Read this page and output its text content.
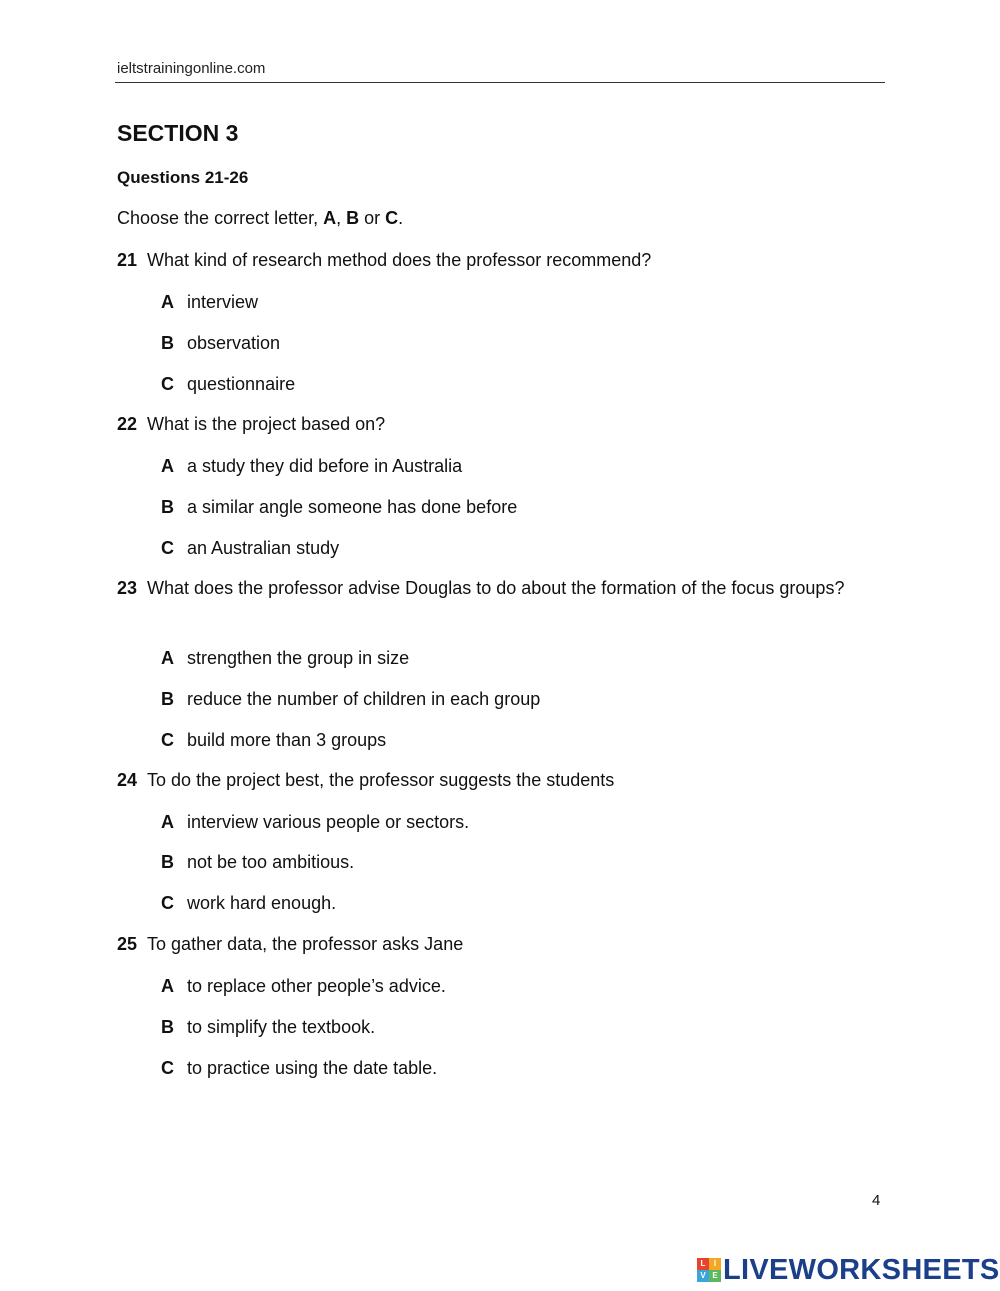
ieltstrainingonline.com
SECTION 3
Questions 21-26
Choose the correct letter, A, B or C.
21 What kind of research method does the professor recommend?
A interview
B observation
C questionnaire
22 What is the project based on?
A a study they did before in Australia
B a similar angle someone has done before
C an Australian study
23 What does the professor advise Douglas to do about the formation of the focus groups?
A strengthen the group in size
B reduce the number of children in each group
C build more than 3 groups
24 To do the project best, the professor suggests the students
A interview various people or sectors.
B not be too ambitious.
C work hard enough.
25 To gather data, the professor asks Jane
A to replace other people’s advice.
B to simplify the textbook.
C to practice using the date table.
4
L	I
V E LIVEWORKSHEETS
